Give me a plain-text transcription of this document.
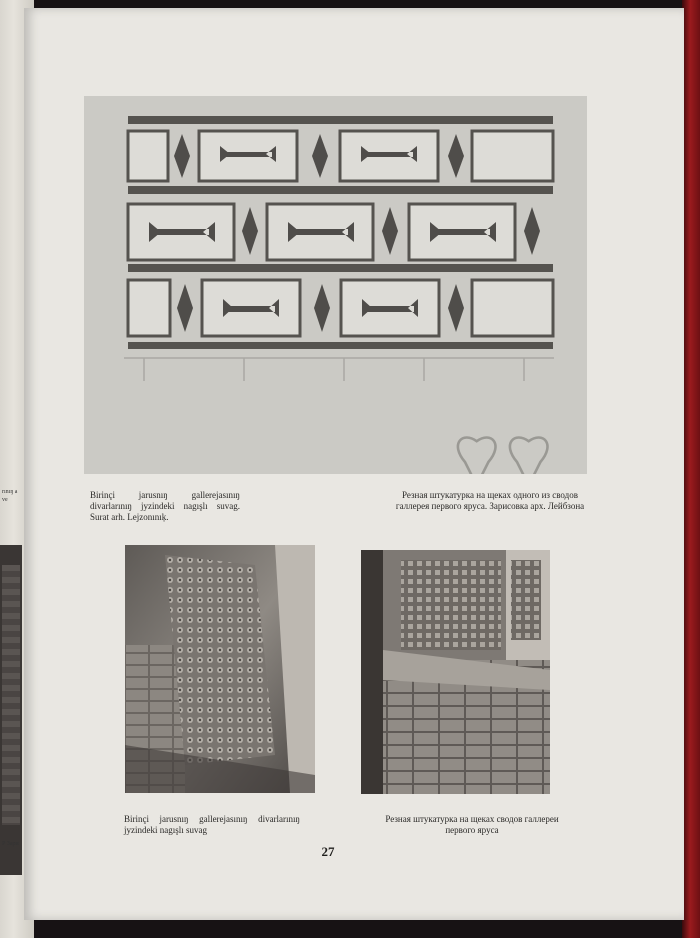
rınıŋ a ve
Р Зари
Birinçi jarusnıŋ gallerejasınıŋ divarlarınıŋ jyzindeki nagışlı suvag. Surat arh. Lejzonınıķ.
Резная штукатурка на щеках одного из сводов галлерея первого яруса. Зарисовка арх. Лейбзона
Birinçi jarusnıŋ gallerejasınıŋ divarlarınıŋ jyzindeki nagışlı suvag
Резная штукатурка на щеках сводов галлереи первого яруса
27
